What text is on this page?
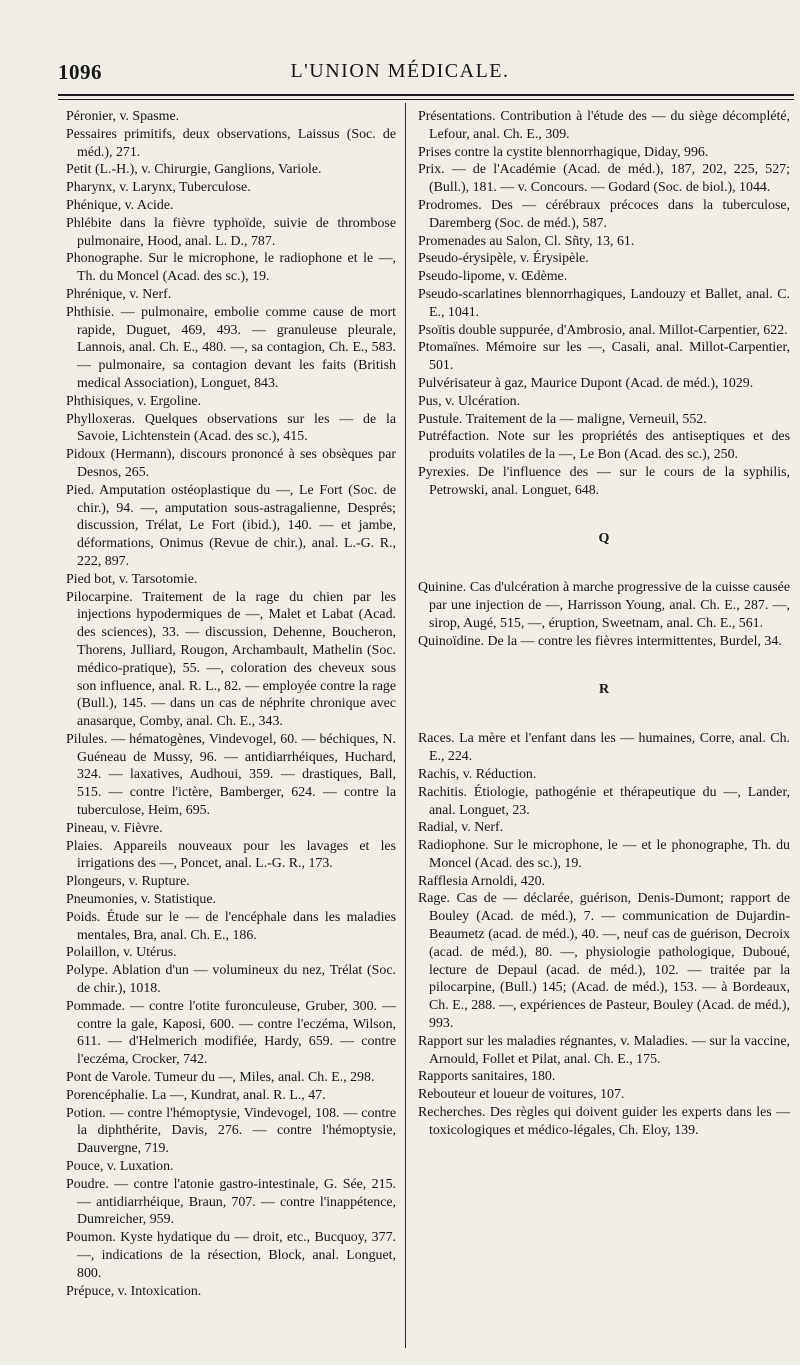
1096	L'UNION MÉDICALE.

Péronier, v. Spasme.

Pessaires primitifs, deux observations, Laissus (Soc. de méd.), 271.

Petit (L.-H.), v. Chirurgie, Ganglions, Variole.

Pharynx, v. Larynx, Tuberculose.

Phénique, v. Acide.

Phlébite dans la fièvre typhoïde, suivie de thrombose pulmonaire, Hood, anal. L. D., 787.

Phonographe. Sur le microphone, le radiophone et le —, Th. du Moncel (Acad. des sc.), 19.

Phrénique, v. Nerf.

Phthisie. — pulmonaire, embolie comme cause de mort rapide, Duguet, 469, 493. — granuleuse pleurale, Lannois, anal. Ch. E., 480. —, sa contagion, Ch. E., 583. — pulmonaire, sa contagion devant les faits (British medical Association), Longuet, 843.

Phthisiques, v. Ergoline.

Phylloxeras. Quelques observations sur les — de la Savoie, Lichtenstein (Acad. des sc.), 415.

Pidoux (Hermann), discours prononcé à ses obsèques par Desnos, 265.

Pied. Amputation ostéoplastique du —, Le Fort (Soc. de chir.), 94. —, amputation sous-astragalienne, Després; discussion, Trélat, Le Fort (ibid.), 140. — et jambe, déformations, Onimus (Revue de chir.), anal. L.-G. R., 222, 897.

Pied bot, v. Tarsotomie.

Pilocarpine. Traitement de la rage du chien par les injections hypodermiques de —, Malet et Labat (Acad. des sciences), 33. — discussion, Dehenne, Boucheron, Thorens, Julliard, Rougon, Archambault, Mathelin (Soc. médico-pratique), 55. —, coloration des cheveux sous son influence, anal. R. L., 82. — employée contre la rage (Bull.), 145. — dans un cas de néphrite chronique avec anasarque, Comby, anal. Ch. E., 343.

Pilules. — hématogènes, Vindevogel, 60. — béchiques, N. Guéneau de Mussy, 96. — antidiarrhéiques, Huchard, 324. — laxatives, Audhoui, 359. — drastiques, Ball, 515. — contre l'ictère, Bamberger, 624. — contre la tuberculose, Heim, 695.

Pineau, v. Fièvre.

Plaies. Appareils nouveaux pour les lavages et les irrigations des —, Poncet, anal. L.-G. R., 173.

Plongeurs, v. Rupture.

Pneumonies, v. Statistique.

Poids. Étude sur le — de l'encéphale dans les maladies mentales, Bra, anal. Ch. E., 186.

Polaillon, v. Utérus.

Polype. Ablation d'un — volumineux du nez, Trélat (Soc. de chir.), 1018.

Pommade. — contre l'otite furonculeuse, Gruber, 300. — contre la gale, Kaposi, 600. — contre l'eczéma, Wilson, 611. — d'Helmerich modifiée, Hardy, 659. — contre l'eczéma, Crocker, 742.

Pont de Varole. Tumeur du —, Miles, anal. Ch. E., 298.

Porencéphalie. La —, Kundrat, anal. R. L., 47.

Potion. — contre l'hémoptysie, Vindevogel, 108. — contre la diphthérite, Davis, 276. — contre l'hémoptysie, Dauvergne, 719.

Pouce, v. Luxation.

Poudre. — contre l'atonie gastro-intestinale, G. Sée, 215. — antidiarrhéique, Braun, 707. — contre l'inappétence, Dumreicher, 959.

Poumon. Kyste hydatique du — droit, etc., Bucquoy, 377. —, indications de la résection, Block, anal. Longuet, 800.

Prépuce, v. Intoxication.

Présentations. Contribution à l'étude des — du siège décomplété, Lefour, anal. Ch. E., 309.

Prises contre la cystite blennorrhagique, Diday, 996.

Prix. — de l'Académie (Acad. de méd.), 187, 202, 225, 527; (Bull.), 181. — v. Concours. — Godard (Soc. de biol.), 1044.

Prodromes. Des — cérébraux précoces dans la tuberculose, Daremberg (Soc. de méd.), 587.

Promenades au Salon, Cl. Sñty, 13, 61.

Pseudo-érysipèle, v. Érysipèle.

Pseudo-lipome, v. Œdème.

Pseudo-scarlatines blennorrhagiques, Landouzy et Ballet, anal. C. E., 1041.

Psoïtis double suppurée, d'Ambrosio, anal. Millot-Carpentier, 622.

Ptomaïnes. Mémoire sur les —, Casali, anal. Millot-Carpentier, 501.

Pulvérisateur à gaz, Maurice Dupont (Acad. de méd.), 1029.

Pus, v. Ulcération.

Pustule. Traitement de la — maligne, Verneuil, 552.

Putréfaction. Note sur les propriétés des antiseptiques et des produits volatiles de la —, Le Bon (Acad. des sc.), 250.

Pyrexies. De l'influence des — sur le cours de la syphilis, Petrowski, anal. Longuet, 648.

Q

Quinine. Cas d'ulcération à marche progressive de la cuisse causée par une injection de —, Harrisson Young, anal. Ch. E., 287. —, sirop, Augé, 515, —, éruption, Sweetnam, anal. Ch. E., 561.

Quinoïdine. De la — contre les fièvres intermittentes, Burdel, 34.

R

Races. La mère et l'enfant dans les — humaines, Corre, anal. Ch. E., 224.

Rachis, v. Réduction.

Rachitis. Étiologie, pathogénie et thérapeutique du —, Lander, anal. Longuet, 23.

Radial, v. Nerf.

Radiophone. Sur le microphone, le — et le phonographe, Th. du Moncel (Acad. des sc.), 19.

Rafflesia Arnoldi, 420.

Rage. Cas de — déclarée, guérison, Denis-Dumont; rapport de Bouley (Acad. de méd.), 7. — communication de Dujardin-Beaumetz (acad. de méd.), 40. —, neuf cas de guérison, Decroix (acad. de méd.), 80. —, physiologie pathologique, Duboué, lecture de Depaul (acad. de méd.), 102. — traitée par la pilocarpine, (Bull.) 145; (Acad. de méd.), 153. — à Bordeaux, Ch. E., 288. —, expériences de Pasteur, Bouley (Acad. de méd.), 993.

Rapport sur les maladies régnantes, v. Maladies. — sur la vaccine, Arnould, Follet et Pilat, anal. Ch. E., 175.

Rapports sanitaires, 180.

Rebouteur et loueur de voitures, 107.

Recherches. Des règles qui doivent guider les experts dans les — toxicologiques et médico-légales, Ch. Eloy, 139.
